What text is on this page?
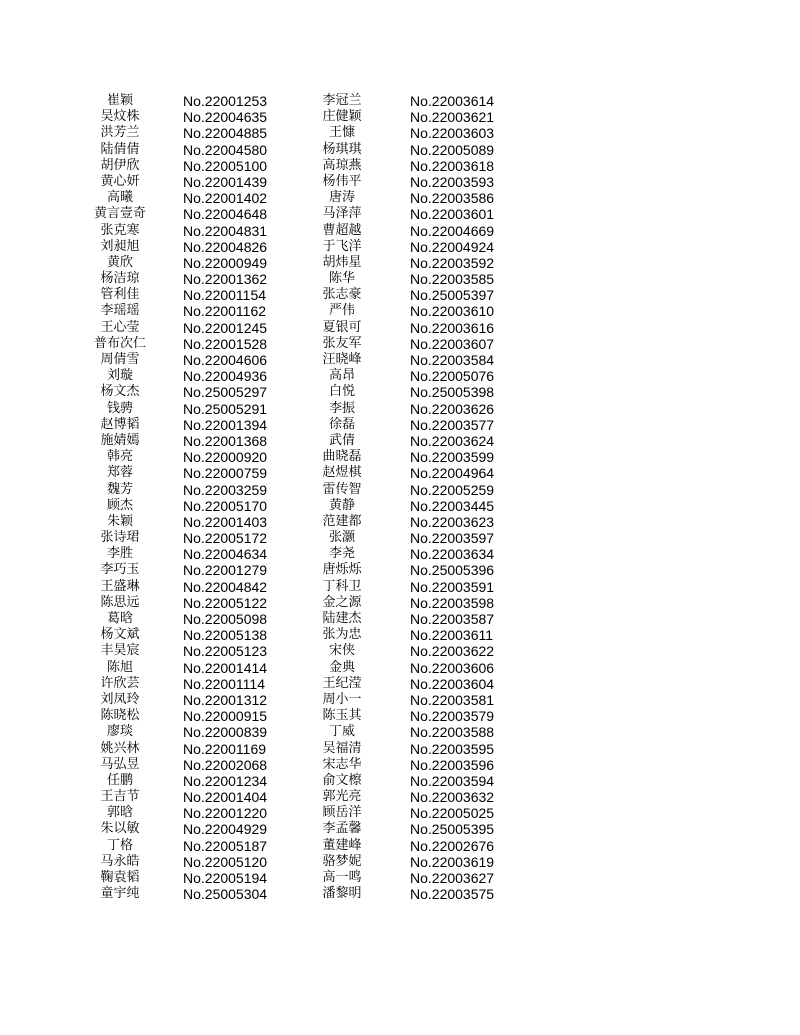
崔颖	No.22001253	李冠兰	No.22003614
吴炆株	No.22004635	庄健颖	No.22003621
洪芳兰	No.22004885	王慷	No.22003603
陆倩倩	No.22004580	杨琪琪	No.22005089
胡伊欣	No.22005100	高琼燕	No.22003618
黄心妍	No.22001439	杨伟平	No.22003593
高曦	No.22001402	唐涛	No.22003586
黄言壹奇	No.22004648	马泽萍	No.22003601
张克寒	No.22004831	曹超越	No.22004669
刘昶旭	No.22004826	于飞洋	No.22004924
黄欣	No.22000949	胡炜星	No.22003592
杨洁琼	No.22001362	陈华	No.22003585
管利佳	No.22001154	张志豪	No.25005397
李瑶瑶	No.22001162	严伟	No.22003610
王心莹	No.22001245	夏银可	No.22003616
普布次仁	No.22001528	张友军	No.22003607
周倩雪	No.22004606	汪晓峰	No.22003584
刘璇	No.22004936	高昂	No.22005076
杨文杰	No.25005297	白悦	No.25005398
钱骋	No.25005291	李振	No.22003626
赵博韬	No.22001394	徐磊	No.22003577
施婧嫣	No.22001368	武倩	No.22003624
韩亮	No.22000920	曲晓磊	No.22003599
郑蓉	No.22000759	赵煜棋	No.22004964
魏芳	No.22003259	雷传智	No.22005259
顾杰	No.22005170	黄静	No.22003445
朱颖	No.22001403	范建都	No.22003623
张诗珺	No.22005172	张灏	No.22003597
李胜	No.22004634	李尧	No.22003634
李巧玉	No.22001279	唐烁烁	No.25005396
王盛琳	No.22004842	丁科卫	No.22003591
陈思远	No.22005122	金之源	No.22003598
葛晗	No.22005098	陆建杰	No.22003587
杨文斌	No.22005138	张为忠	No.22003611
丰昊宸	No.22005123	宋侠	No.22003622
陈旭	No.22001414	金典	No.22003606
许欣芸	No.22001114	王纪滢	No.22003604
刘凤玲	No.22001312	周小一	No.22003581
陈晓松	No.22000915	陈玉其	No.22003579
廖琰	No.22000839	丁威	No.22003588
姚兴林	No.22001169	吴福清	No.22003595
马弘昱	No.22002068	宋志华	No.22003596
任鹏	No.22001234	俞文檫	No.22003594
王吉节	No.22001404	郭光亮	No.22003632
郭晗	No.22001220	顾岳洋	No.22005025
朱以敏	No.22004929	李孟馨	No.25005395
丁格	No.22005187	董建峰	No.22002676
马永皓	No.22005120	骆梦妮	No.22003619
鞠袁韬	No.22005194	高一鸣	No.22003627
童宇纯	No.25005304	潘黎明	No.22003575
